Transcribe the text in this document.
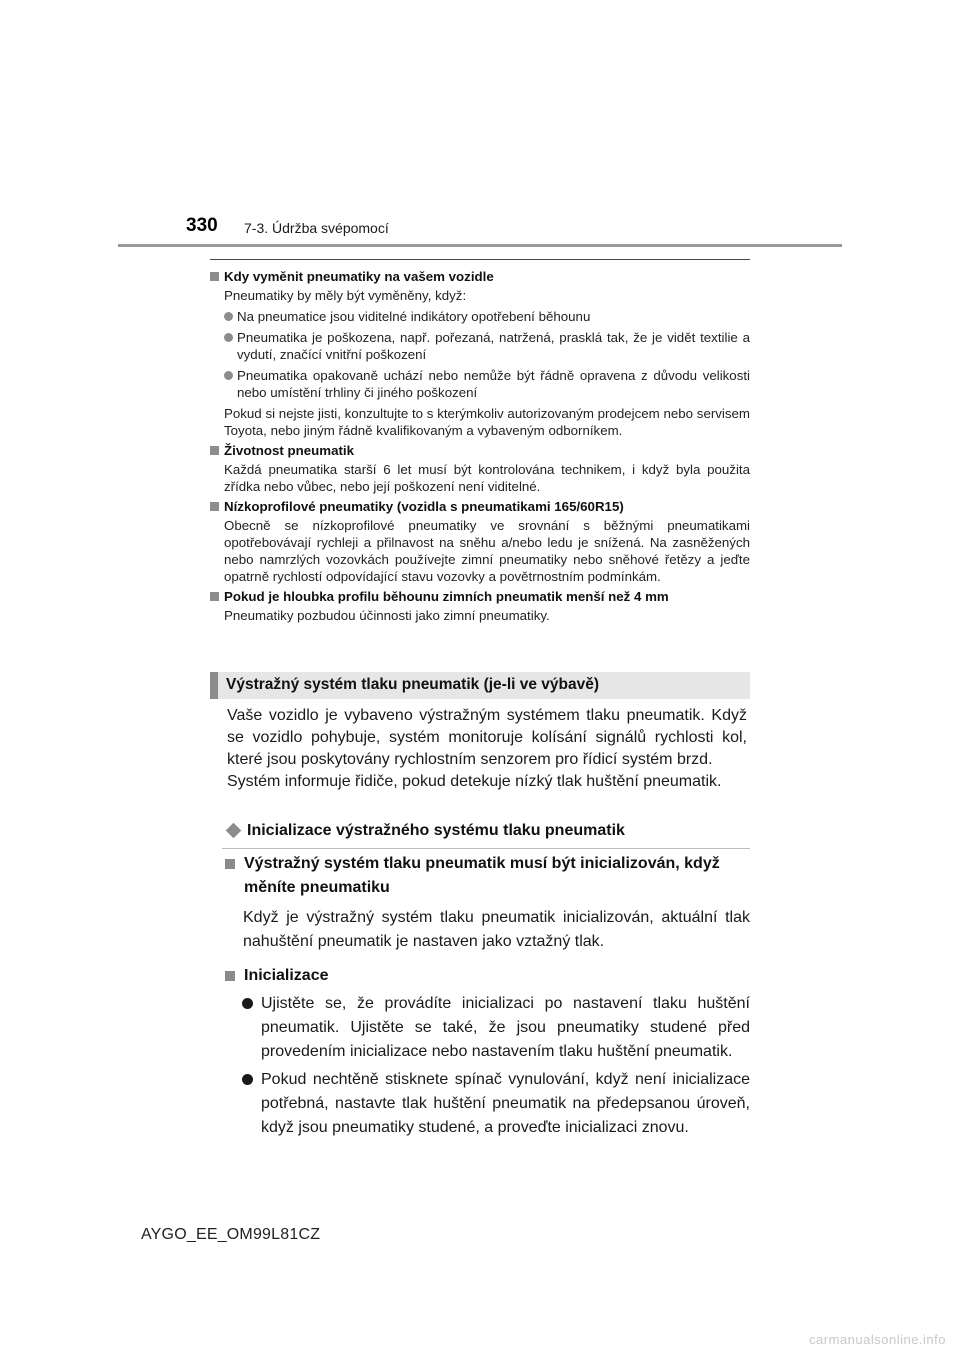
330 7-3. Údržba svépomocí
Kdy vyměnit pneumatiky na vašem vozidle
Pneumatiky by měly být vyměněny, když:
Na pneumatice jsou viditelné indikátory opotřebení běhounu
Pneumatika je poškozena, např. pořezaná, natržená, prasklá tak, že je vidět textilie a vydutí, značící vnitřní poškození
Pneumatika opakovaně uchází nebo nemůže být řádně opravena z důvodu velikosti nebo umístění trhliny či jiného poškození
Pokud si nejste jisti, konzultujte to s kterýmkoliv autorizovaným prodejcem nebo servisem Toyota, nebo jiným řádně kvalifikovaným a vybaveným odborníkem.
Životnost pneumatik
Každá pneumatika starší 6 let musí být kontrolována technikem, i když byla použita zřídka nebo vůbec, nebo její poškození není viditelné.
Nízkoprofilové pneumatiky (vozidla s pneumatikami 165/60R15)
Obecně se nízkoprofilové pneumatiky ve srovnání s běžnými pneumatikami opotřebovávají rychleji a přilnavost na sněhu a/nebo ledu je snížená. Na zasněžených nebo namrzlých vozovkách používejte zimní pneumatiky nebo sněhové řetězy a jeďte opatrně rychlostí odpovídající stavu vozovky a povětrnostním podmínkám.
Pokud je hloubka profilu běhounu zimních pneumatik menší než 4 mm
Pneumatiky pozbudou účinnosti jako zimní pneumatiky.
Výstražný systém tlaku pneumatik (je-li ve výbavě)
Vaše vozidlo je vybaveno výstražným systémem tlaku pneumatik. Když se vozidlo pohybuje, systém monitoruje kolísání signálů rychlosti kol, které jsou poskytovány rychlostním senzorem pro řídicí systém brzd.
Systém informuje řidiče, pokud detekuje nízký tlak huštění pneumatik.
Inicializace výstražného systému tlaku pneumatik
Výstražný systém tlaku pneumatik musí být inicializován, když měníte pneumatiku
Když je výstražný systém tlaku pneumatik inicializován, aktuální tlak nahuštění pneumatik je nastaven jako vztažný tlak.
Inicializace
Ujistěte se, že provádíte inicializaci po nastavení tlaku huštění pneumatik. Ujistěte se také, že jsou pneumatiky studené před provedením inicializace nebo nastavením tlaku huštění pneumatik.
Pokud nechtěně stisknete spínač vynulování, když není inicializace potřebná, nastavte tlak huštění pneumatik na předepsanou úroveň, když jsou pneumatiky studené, a proveďte inicializaci znovu.
AYGO_EE_OM99L81CZ
carmanualsonline.info
